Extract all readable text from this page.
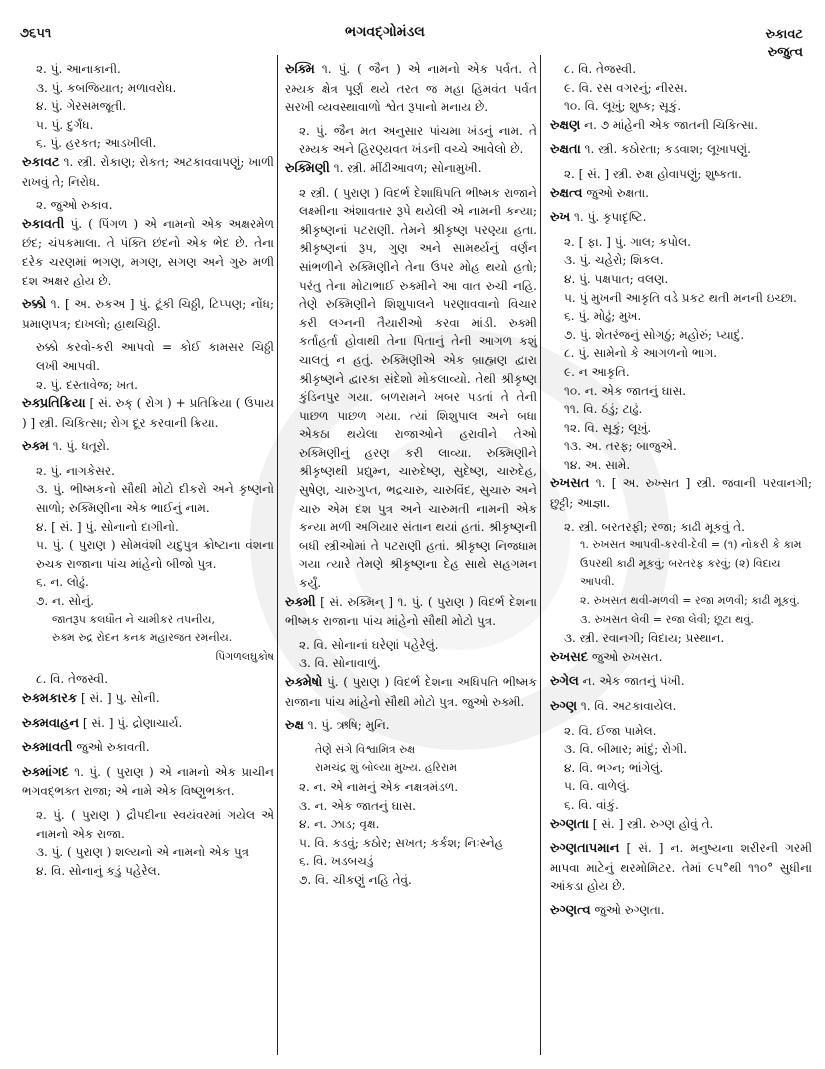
૭૬૫૧	ભગવદ્ગોમંડલ	રુકાવટ
રુજુત્વ

૨. પું. આનાકાની.

૩. પું. કબજિયાત; મળાવરોધ.

૪. પું. ગેરસમજૂતી.

૫. પું. દુર્ગંધ.

૬. પું. હરકત; આડખીલી.

રુકાવટ ૧. સ્ત્રી. રોકાણ; રોકત; અટકાવવાપણું; ખાળી રાખવું તે; નિરોધ.

૨. જુઓ રુકાવ.

રુકાવતી પું. ( પિંગળ ) એ નામનો એક અક્ષરમેળ છંદ; ચંપકમાલા. તે પંક્તિ છંદનો એક ભેદ છે. તેના દરેક ચરણમાં ભગણ, મગણ, સગણ અને ગુરુ મળી દશ અક્ષર હોય છે.

રુક્કો ૧. [ અ. રુકઅ ] પું. ટૂંકી ચિઠ્ઠી, ટિપ્પણ; નોંધ; પ્રમાણપત્ર; દાખલો; હાથચિઠ્ઠી.

રુક્કો કરવો-કરી આપવો = કોઈ કામસર ચિઠ્ઠી લખી આપવી.

૨. પું. દસ્તાવેજ; ખત.

રુક્પ્રતિક્રિયા [ સં. રુક્ ( રોગ ) + પ્રતિક્રિયા ( ઉપાય ) ] સ્ત્રી. ચિકિત્સા; રોગ દૂર કરવાની ક્રિયા.

રુક્મ ૧. પું. ધતૂરો.

૨. પું. નાગકેસર.

૩. પું. ભીષ્મકનો સૌથી મોટો દીકરો અને કૃષ્ણનો સાળો; રુક્મિણીના એક ભાઈનું નામ.

૪. [ સં. ] પું. સોનાનો દાગીનો.

૫. પું. ( પુરાણ ) સોમવંશી યદુપુત્ર ક્રોષ્ટાના વંશના રુચક રાજાના પાંચ માંહેનો બીજો પુત્ર.

૬. ન. લોઢું.

૭. ન. સોનું.

જાતરૂપ કલધૌત ને ચામીકર તપનીય,

રુક્મ રુદ્ર રોદન કનક મહારજત રમનીય.

પિંગળલઘુકોષ

૮. વિ. તેજસ્વી.

રુક્મકારક [ સં. ] પુ. સોની.

રુક્મવાહન [ સં. ] પું. દ્રોણાચાર્ય.

રુક્માવતી જુઓ રુકાવતી.

રુક્માંગદ ૧. પું. ( પુરાણ ) એ નામનો એક પ્રાચીન ભગવદ્ભક્ત રાજા; એ નામે એક વિષ્ણુભક્ત.

૨. પું. ( પુરાણ ) દ્રૌપદીના સ્વયંવરમાં ગયેલ એ નામનો એક રાજા.

૩. પું. ( પુરાણ ) શલ્યનો એ નામનો એક પુત્ર

૪. વિ. સોનાનું કડું પહેરેલ.

રુક્મિ ૧. પું. ( જૈન ) એ નામનો એક પર્વત. તે રમ્યક ક્ષેત્ર પૂર્ણ થયે તરત જ મહા હિમવંત પર્વત સરખી વ્યવસ્થાવાળો શ્વેત રૂપાનો મનાય છે.

૨. પું. જૈન મત અનુસાર પાંચમા ખંડનું નામ. તે રમ્યક અને હિરણ્યવત ખંડની વચ્ચે આવેલો છે.

રુક્મિણી ૧. સ્ત્રી. મીંઢીઆવળ; સોનામુખી.

૨ સ્ત્રી. ( પુરાણ ) વિદર્ભ દેશાધિપતિ ભીષ્મક રાજાને લક્ષ્મીના અંશાવતાર રૂપે થયેલી એ નામની કન્યા; શ્રીકૃષ્ણનાં પટરાણી. તેમને શ્રીકૃષ્ણ પરણ્યા હતા. શ્રીકૃષ્ણનાં રૂપ, ગુણ અને સામર્થ્યનું વર્ણન સાંભળીને રુક્મિણીને તેના ઉપર મોહ થયો હતો; પરંતુ તેના મોટાભાઈ રુક્મીને આ વાત રુચી નહિ. તેણે રુક્મિણીને શિશુપાલને પરણાવવાનો વિચાર કરી લગ્નની તૈયારીઓ કરવા માંડી. રુક્મી કર્તાહર્તા હોવાથી તેના પિતાનું તેની આગળ કશું ચાલતું ન હતું. રુક્મિણીએ એક બ્રાહ્મણ દ્વારા શ્રીકૃષ્ણને દ્વારકા સંદેશો મોકલાવ્યો. તેથી શ્રીકૃષ્ણ કુંડિનપુર ગયા. બળરામને ખબર પડતાં તે તેની પાછળ પાછળ ગયા. ત્યાં શિશુપાલ અને બધા એકઠા થયેલા રાજાઓને હરાવીને તેઓ રુક્મિણીનું હરણ કરી લાવ્યા. રુક્મિણીને શ્રીકૃષ્ણથી પ્રદ્યુમ્ન, ચારુદેષ્ણ, સુદેષ્ણ, ચારુદેહ, સુષેણ, ચારુગુપ્ત, ભદ્રચારુ, ચારુવિંદ, સુચારુ અને ચારુ એમ દશ પુત્ર અને ચારુમતી નામની એક કન્યા મળી અગિયાર સંતાન થયાં હતાં. શ્રીકૃષ્ણની બધી સ્ત્રીઓમાં તે પટરાણી હતાં. શ્રીકૃષ્ણ નિજધામ ગયા ત્યારે તેમણે શ્રીકૃષ્ણના દેહ સાથે સહગમન કર્યું.

રુક્મી [ સં. રુક્મિન્ ] ૧. પું. ( પુરાણ ) વિદર્ભ દેશના ભીષ્મક રાજાના પાંચ માંહેનો સૌથી મોટો પુત્ર.

૨. વિ. સોનાનાં ઘરેણાં પહેરેલું.

૩. વિ. સોનાવાળું.

રુક્મેષો પું. ( પુરાણ ) વિદર્ભ દેશના અધિપતિ ભીષ્મક રાજાના પાંચ માંહેનો સૌથી મોટો પુત્ર. જુઓ રુક્મી.

રુક્ષ ૧. પું. ઋષિ; મુનિ.

તેણે સંગે વિશ્વામિત્ર રુક્ષ

રામચંદ્ર શું બોલ્યા મુખ્ય. હરિરામ

૨. ન. એ નામનું એક નક્ષત્રમંડળ.

૩. ન. એક જાતનું ઘાસ.

૪. ન. ઝાડ; વૃક્ષ.

૫. વિ. કડવું; કઠોર; સખત; કર્કશ; નિઃસ્નેહ

૬. વિ. ખડબચડું

૭. વિ. ચીકણું નહિ તેવું.

૮. વિ. તેજસ્વી.

૯. વિ. રસ વગરનું; નીરસ.

૧૦. વિ. લૂખું; શુષ્ક; સૂકું.

રુક્ષણ ન. ૭ માંહેની એક જાતની ચિકિત્સા.

રુક્ષતા ૧. સ્ત્રી. કઠોરતા; કડવાશ; લૂખાપણું.

૨. [ સં. ] સ્ત્રી. રુક્ષ હોવાપણું; શુષ્કતા.

રુક્ષત્વ જુઓ રુક્ષતા.

રુખ ૧. પું. કૃપાદૃષ્ટિ.

૨. [ ફા. ] પું. ગાલ; કપોલ.

૩. પું. ચહેરો; શિકલ.

૪. પું. પક્ષપાત; વલણ.

૫. પું મુખની આકૃતિ વડે પ્રકટ થતી મનની ઇચ્છા.

૬. પું. મોઢું; મુખ.

૭. પું. શેતરંજનું સોગઠું; મહોરું; પ્યાદું.

૮. પું. સામેનો કે આગળનો ભાગ.

૯. ન આકૃતિ.

૧૦. ન. એક જાતનું ઘાસ.

૧૧. વિ. ઠંડું; ટાઢું.

૧૨. વિ. સૂકું; લૂખું.

૧૩. અ. તરફ; બાજુએ.

૧૪. અ. સામે.

રુખસત ૧. [ અ. રુખ્સત ] સ્ત્રી. જવાની પરવાનગી; છુટ્ટી; આજ્ઞા.

૨. સ્ત્રી. બરતરફી; રજા; કાઢી મૂકવું તે.

૧. રુખસત આપવી-કરવી-દેવી = (૧) નોકરી કે કામ ઉપરથી કાઢી મૂકવું; બરતરફ કરવું; (૨) વિદાય આપવી.

૨. રુખસત થવી-મળવી = રજા મળવી; કાઢી મૂકવું.

૩. રુખસત લેવી = રજા લેવી; છૂટા થવું.

૩. સ્ત્રી. રવાનગી; વિદાય; પ્રસ્થાન.

રુખસદ જુઓ રુખસત.

રુગેલ ન. એક જાતનું પંખી.

રુગ્ણ ૧. વિ. અટકાવાયેલ.

૨. વિ. ઈજા પામેલ.

૩. વિ. બીમાર; માંદું; રોગી.

૪. વિ. ભગ્ન; ભાંગેલું.

૫. વિ. વાળેલું.

૬. વિ. વાંકું.

રુગ્ણતા [ સં. ] સ્ત્રી. રુગ્ણ હોવું તે.

રુગ્ણતાપમાન [ સં. ] ન. મનુષ્યના શરીરની ગરમી માપવા માટેનું થરમોમિટર. તેમાં ૯૫°થી ૧૧૦° સુધીના આંકડા હોય છે.

રુગ્ણત્વ જુઓ રુગ્ણતા.
